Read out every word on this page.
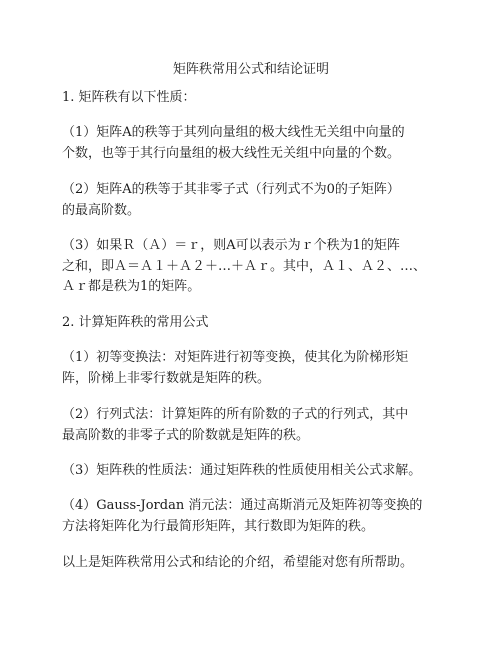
矩阵秩常用公式和结论证明
1. 矩阵秩有以下性质：
（1）矩阵A的秩等于其列向量组的极大线性无关组中向量的
个数，也等于其行向量组的极大线性无关组中向量的个数。
（2）矩阵A的秩等于其非零子式（行列式不为0的子矩阵）
的最高阶数。
（3）如果Ｒ（Ａ）＝ｒ，则A可以表示为ｒ个秩为1的矩阵
之和，即Ａ＝Ａ１＋Ａ２＋…＋Ａｒ。其中，Ａ１、Ａ２、…、
Ａｒ都是秩为1的矩阵。
2. 计算矩阵秩的常用公式
（1）初等变换法：对矩阵进行初等变换，使其化为阶梯形矩
阵，阶梯上非零行数就是矩阵的秩。
（2）行列式法：计算矩阵的所有阶数的子式的行列式，其中
最高阶数的非零子式的阶数就是矩阵的秩。
（3）矩阵秩的性质法：通过矩阵秩的性质使用相关公式求解。
（4）Gauss-Jordan 消元法：通过高斯消元及矩阵初等变换的
方法将矩阵化为行最简形矩阵，其行数即为矩阵的秩。
以上是矩阵秩常用公式和结论的介绍，希望能对您有所帮助。
